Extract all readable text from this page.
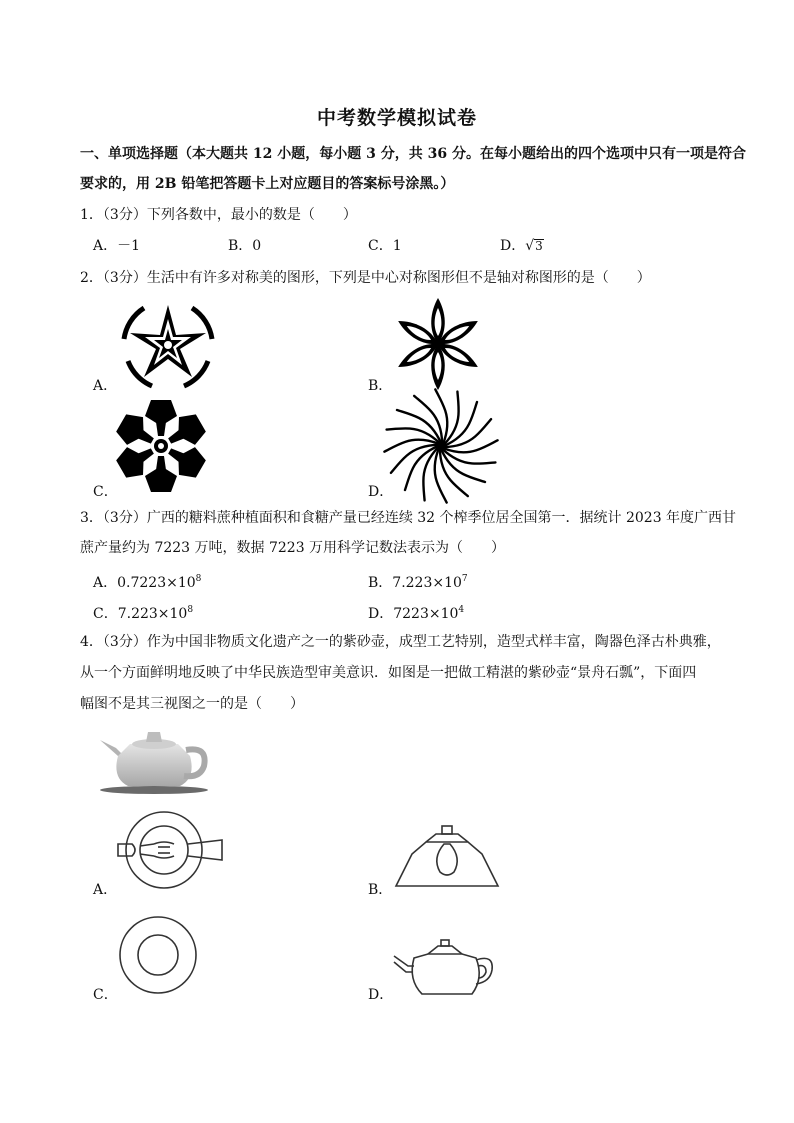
中考数学模拟试卷
一、单项选择题（本大题共 12 小题，每小题 3 分，共 36 分。在每小题给出的四个选项中只有一项是符合
要求的，用 2B 铅笔把答题卡上对应题目的答案标号涂黑。）
1．（3分）下列各数中，最小的数是（　　）
A．－1	B．0	C．1	D．√3
2．（3分）生活中有许多对称美的图形，下列是中心对称图形但不是轴对称图形的是（　　）
A．	B．
C．	D．
3．（3分）广西的糖料蔗种植面积和食糖产量已经连续 32 个榨季位居全国第一．据统计 2023 年度广西甘
蔗产量约为 7223 万吨，数据 7223 万用科学记数法表示为（　　）
A．$0.7223\times 10^8$	B．$7.223\times 10^7$
C．$7.223\times 10^8$	D．$7223\times 10^4$
4．（3分）作为中国非物质文化遗产之一的紫砂壶，成型工艺特别，造型式样丰富，陶器色泽古朴典雅，
从一个方面鲜明地反映了中华民族造型审美意识．如图是一把做工精湛的紫砂壶“景舟石瓢”，下面四
幅图不是其三视图之一的是（　　）
A．	B．
C．	D．
